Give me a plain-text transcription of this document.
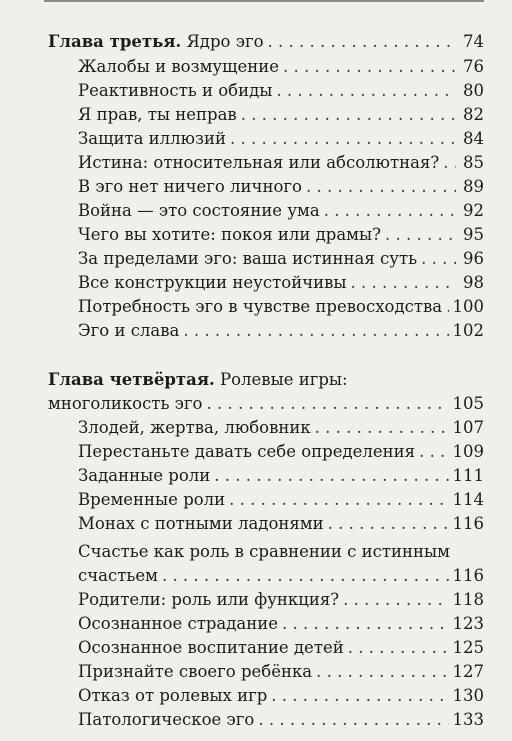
Глава третья. Ядро эго . . .	74
Жалобы и возмущение . . .	76
Реактивность и обиды . . .	80
Я прав, ты неправ . . .	82
Защита иллюзий . . .	84
Истина: относительная или абсолютная? . . . 85
В эго нет ничего личного . . .	89
Война — это состояние ума . . .	92
Чего вы хотите: покоя или драмы? . . .	95
За пределами эго: ваша истинная суть . . .	96
Все конструкции неустойчивы . . .	98
Потребность эго в чувстве превосходства . . . 100
Эго и слава . . .	102
Глава четвёртая. Ролевые игры:
многоликость эго . . .	105
Злодей, жертва, любовник . . .	107
Перестаньте давать себе определения . . . 109
Заданные роли . . .	111
Временные роли . . .	114
Монах с потными ладонями . . .	116
Счастье как роль в сравнении с истинным
счастьем . . .	116
Родители: роль или функция? . . .	118
Осознанное страдание . . .	123
Осознанное воспитание детей . . .	125
Признайте своего ребёнка . . .	127
Отказ от ролевых игр . . .	130
Патологическое эго . . .	133
